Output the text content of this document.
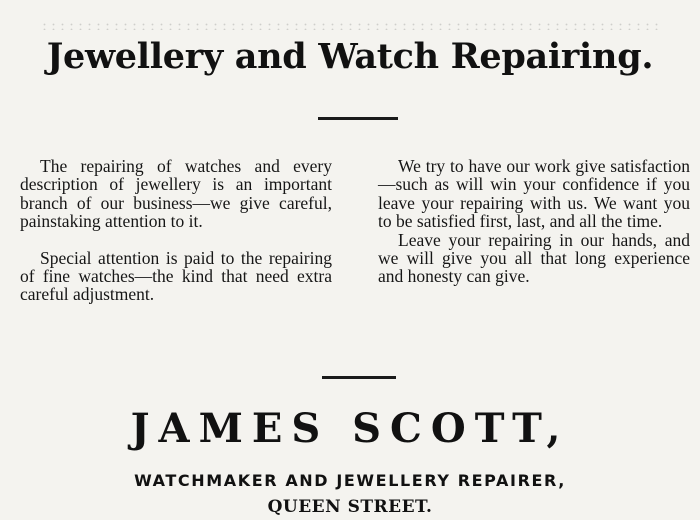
Jewellery and Watch Repairing.

The repairing of watches and every description of jewellery is an important branch of our business—we give careful, painstaking attention to it.

Special attention is paid to the repairing of fine watches—the kind that need extra careful adjustment.

We try to have our work give satisfaction—such as will win your confidence if you leave your repairing with us. We want you to be satisfied first, last, and all the time.

Leave your repairing in our hands, and we will give you all that long experience and honesty can give.

JAMES SCOTT,
WATCHMAKER AND JEWELLERY REPAIRER,
QUEEN STREET.
